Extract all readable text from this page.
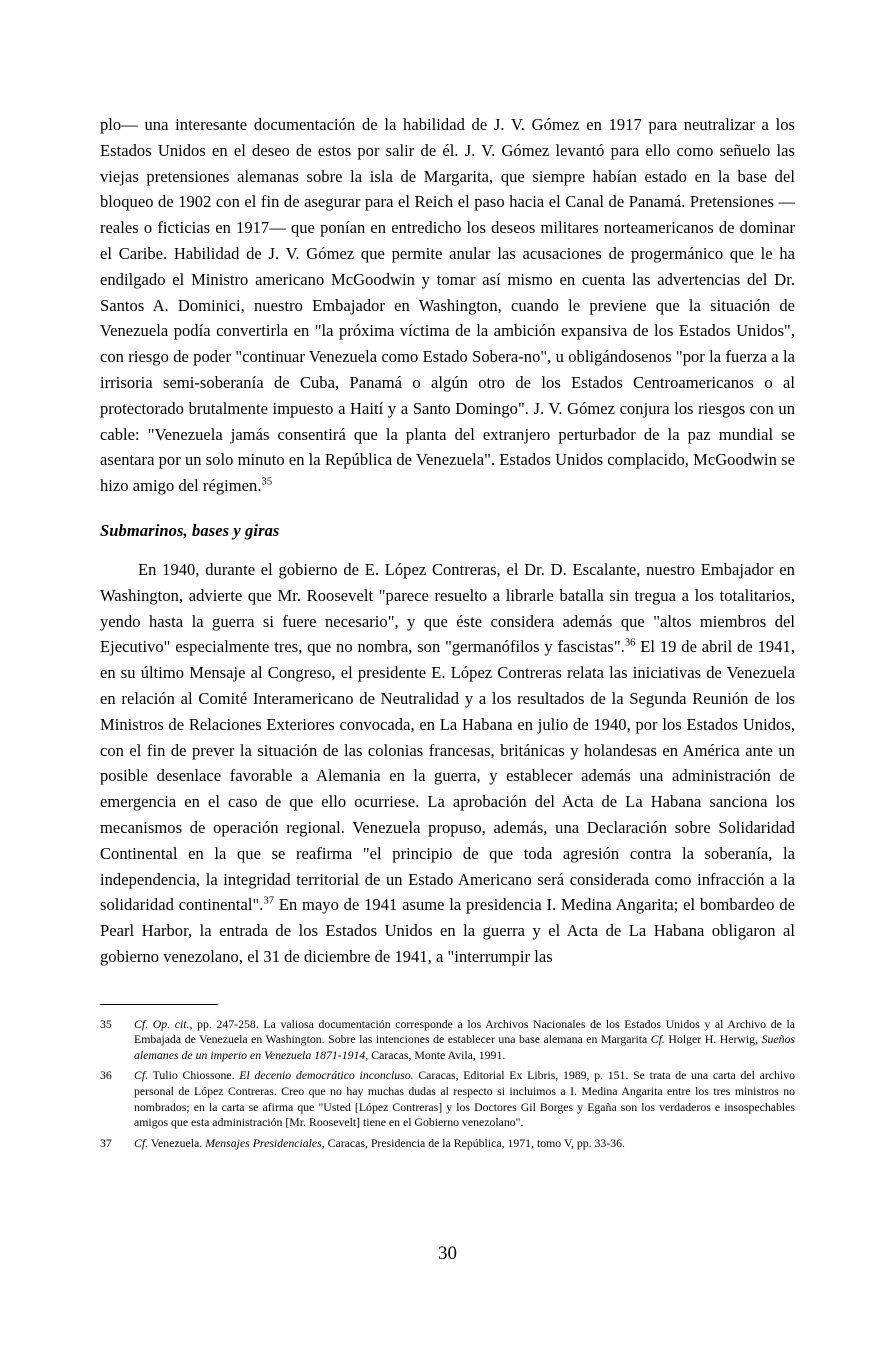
plo— una interesante documentación de la habilidad de J. V. Gómez en 1917 para neutralizar a los Estados Unidos en el deseo de estos por salir de él. J. V. Gómez levantó para ello como señuelo las viejas pretensiones alemanas sobre la isla de Margarita, que siempre habían estado en la base del bloqueo de 1902 con el fin de asegurar para el Reich el paso hacia el Canal de Panamá. Pretensiones —reales o ficticias en 1917— que ponían en entredicho los deseos militares norteamericanos de dominar el Caribe. Habilidad de J. V. Gómez que permite anular las acusaciones de progermánico que le ha endilgado el Ministro americano McGoodwin y tomar así mismo en cuenta las advertencias del Dr. Santos A. Dominici, nuestro Embajador en Washington, cuando le previene que la situación de Venezuela podía convertirla en "la próxima víctima de la ambición expansiva de los Estados Unidos", con riesgo de poder "continuar Venezuela como Estado Sobera-no", u obligándosenos "por la fuerza a la irrisoria semi-soberanía de Cuba, Panamá o algún otro de los Estados Centroamericanos o al protectorado brutalmente impuesto a Haití y a Santo Domingo". J. V. Gómez conjura los riesgos con un cable: "Venezuela jamás consentirá que la planta del extranjero perturbador de la paz mundial se asentara por un solo minuto en la República de Venezuela". Estados Unidos complacido, McGoodwin se hizo amigo del régimen.$^{35}$

Submarinos, bases y giras

En 1940, durante el gobierno de E. López Contreras, el Dr. D. Escalante, nuestro Embajador en Washington, advierte que Mr. Roosevelt "parece resuelto a librarle batalla sin tregua a los totalitarios, yendo hasta la guerra si fuere necesario", y que éste considera además que "altos miembros del Ejecutivo" especialmente tres, que no nombra, son "germanófilos y fascistas".$^{36}$ El 19 de abril de 1941, en su último Mensaje al Congreso, el presidente E. López Contreras relata las iniciativas de Venezuela en relación al Comité Interamericano de Neutralidad y a los resultados de la Segunda Reunión de los Ministros de Relaciones Exteriores convocada, en La Habana en julio de 1940, por los Estados Unidos, con el fin de prever la situación de las colonias francesas, británicas y holandesas en América ante un posible desenlace favorable a Alemania en la guerra, y establecer además una administración de emergencia en el caso de que ello ocurriese. La aprobación del Acta de La Habana sanciona los mecanismos de operación regional. Venezuela propuso, además, una Declaración sobre Solidaridad Continental en la que se reafirma "el principio de que toda agresión contra la soberanía, la independencia, la integridad territorial de un Estado Americano será considerada como infracción a la solidaridad continental".$^{37}$ En mayo de 1941 asume la presidencia I. Medina Angarita; el bombardeo de Pearl Harbor, la entrada de los Estados Unidos en la guerra y el Acta de La Habana obligaron al gobierno venezolano, el 31 de diciembre de 1941, a "interrumpir las

35	Cf. Op. cit., pp. 247-258. La valiosa documentación corresponde a los Archivos Nacionales de los Estados Unidos y al Archivo de la Embajada de Venezuela en Washington. Sobre las intenciones de establecer una base alemana en Margarita Cf. Holger H. Herwig, Sueños alemanes de un imperio en Venezuela 1871-1914, Caracas, Monte Avila, 1991.
36	Cf. Tulio Chiossone. El decenio democrático inconcluso. Caracas, Editorial Ex Libris, 1989, p. 151. Se trata de una carta del archivo personal de López Contreras. Creo que no hay muchas dudas al respecto si incluimos a I. Medina Angarita entre los tres ministros no nombrados; en la carta se afirma que "Usted [López Contreras] y los Doctores Gil Borges y Egaña son los verdaderos e insospechables amigos que esta administración [Mr. Roosevelt] tiene en el Gobierno venezolano".
37	Cf. Venezuela. Mensajes Presidenciales, Caracas, Presidencia de la República, 1971, tomo V, pp. 33-36.
30
